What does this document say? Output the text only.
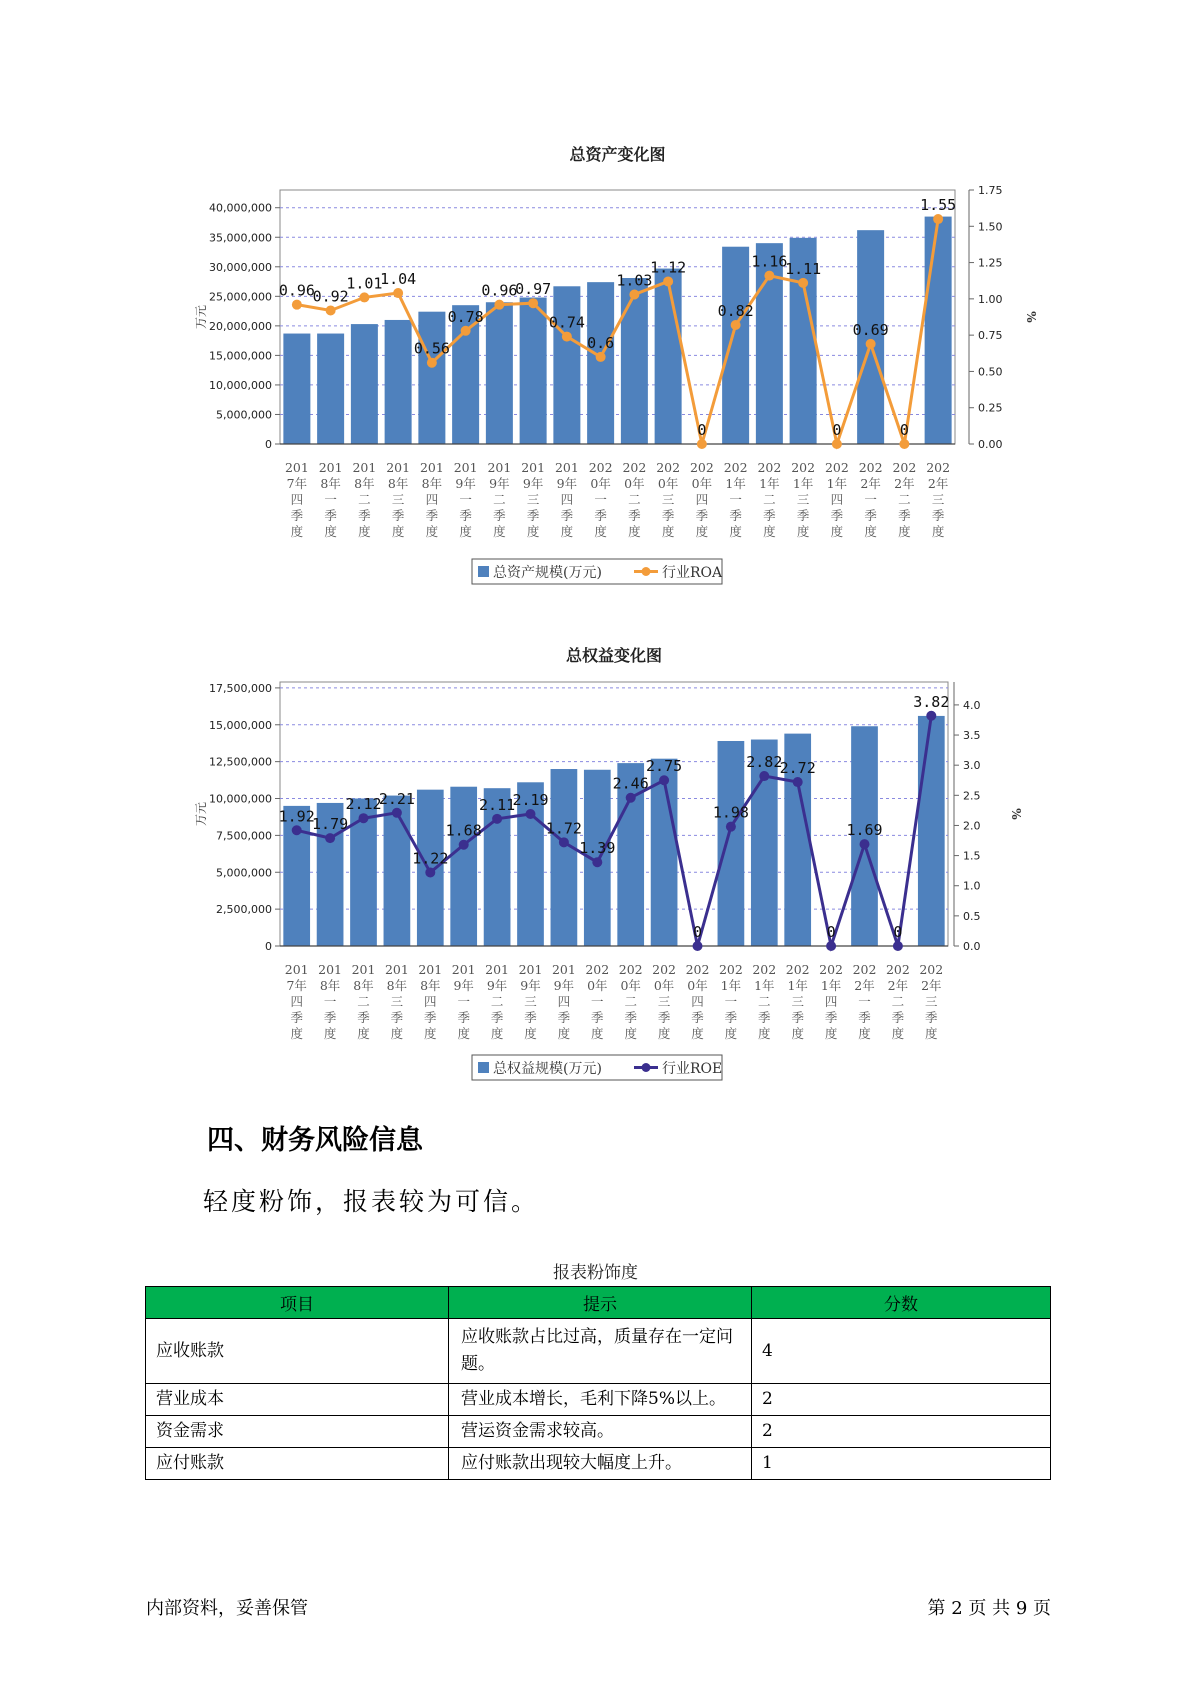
总资产变化图
0
5,000,000
10,000,000
15,000,000
20,000,000
25,000,000
30,000,000
35,000,000
40,000,000
0.00
0.25
0.50
0.75
1.00
1.25
1.50
1.75
万元	%
201 7年四季度
201 8年一季度
201 8年二季度
201 8年三季度
201 8年四季度
201 9年一季度
201 9年二季度
201 9年三季度
201 9年四季度
202 0年一季度
202 0年二季度
202 0年三季度
202 0年四季度
202 1年一季度
202 1年二季度
202 1年三季度
202 1年四季度
202 2年一季度
202 2年二季度
202 2年三季度
0.96
0.92
1.01
1.04
0.56
0.78
0.96
0.97
0.74
0.6
1.03
1.12
0
0.82
1.16
1.11
0
0.69
0
1.55
总资产规模(万元)	行业ROA
总权益变化图
0
2,500,000
5,000,000
7,500,000
10,000,000
12,500,000
15,000,000
17,500,000
0.0
0.5
1.0
1.5
2.0
2.5
3.0
3.5
4.0
万元	%
201 7年四季度
201 8年一季度
201 8年二季度
201 8年三季度
201 8年四季度
201 9年一季度
201 9年二季度
201 9年三季度
201 9年四季度
202 0年一季度
202 0年二季度
202 0年三季度
202 0年四季度
202 1年一季度
202 1年二季度
202 1年三季度
202 1年四季度
202 2年一季度
202 2年二季度
202 2年三季度
1.92
1.79
2.12
2.21
1.22
1.68
2.11
2.19
1.72
1.39
2.46
2.75
0
1.98
2.82
2.72
0
1.69
0
3.82
总权益规模(万元)	行业ROE
四、财务风险信息

轻度粉饰，报表较为可信。

报表粉饰度
项目	提示	分数
应收账款	应收账款占比过高，质量存在一定问题。	4
营业成本	营业成本增长，毛利下降5%以上。	2
资金需求	营运资金需求较高。	2
应付账款	应付账款出现较大幅度上升。	1
内部资料，妥善保管	第 2 页 共 9 页
